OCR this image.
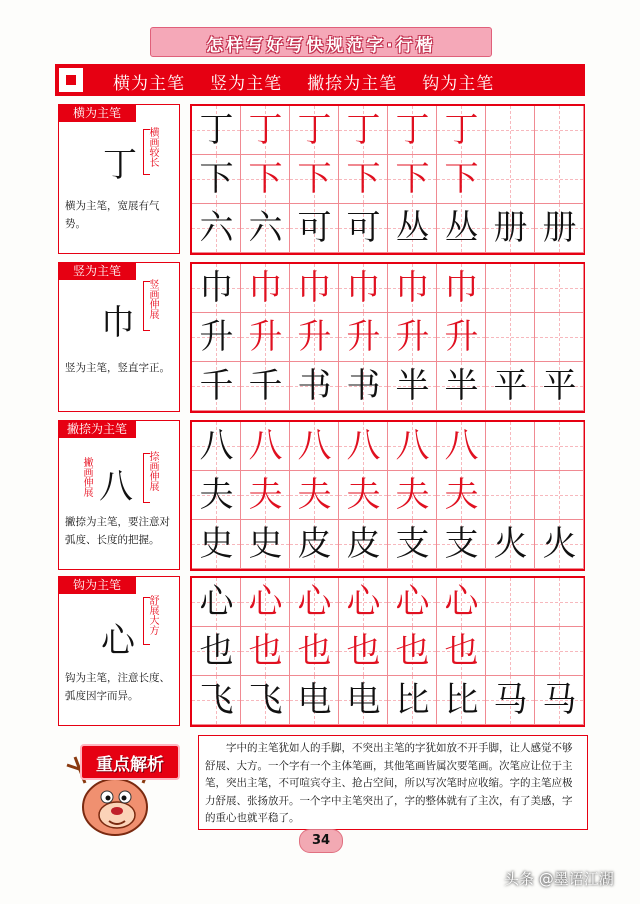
怎样写好写快规范字·行楷
横为主笔 竖为主笔 撇捺为主笔 钩为主笔
横为主笔
丁 横画较长
横为主笔，宽展有气势。
竖为主笔
巾
竖画伸展
竖为主笔，竖直字正。
撇捺为主笔
撇画伸展 八 捺画伸展
撇捺为主笔，要注意对弧度、长度的把握。
钩为主笔
心
舒展大方
钩为主笔，注意长度、弧度因字而异。
丁 丁 丁 丁 丁 丁
下 下 下 下 下 下
六 六 可 可 丛 丛 册 册
巾 巾 巾 巾 巾 巾
升 升 升 升 升 升
千 千 书 书 半 半 平 平
八 八 八 八 八 八
夫 夫 夫 夫 夫 夫
史 史 皮 皮 支 支 火 火
心 心 心 心 心 心
也 也 也 也 也 也
飞 飞 电 电 比 比 马 马
重点解析
字中的主笔犹如人的手脚，不突出主笔的字犹如放不开手脚，让人感觉不够舒展、大方。一个字有一个主体笔画，其他笔画皆属次要笔画。次笔应让位于主笔，突出主笔，不可喧宾夺主、抢占空间，所以写次笔时应收缩。字的主笔应极力舒展、张扬放开。一个字中主笔突出了，字的整体就有了主次，有了美感，字的重心也就平稳了。
34
头条 @墨语江湖
